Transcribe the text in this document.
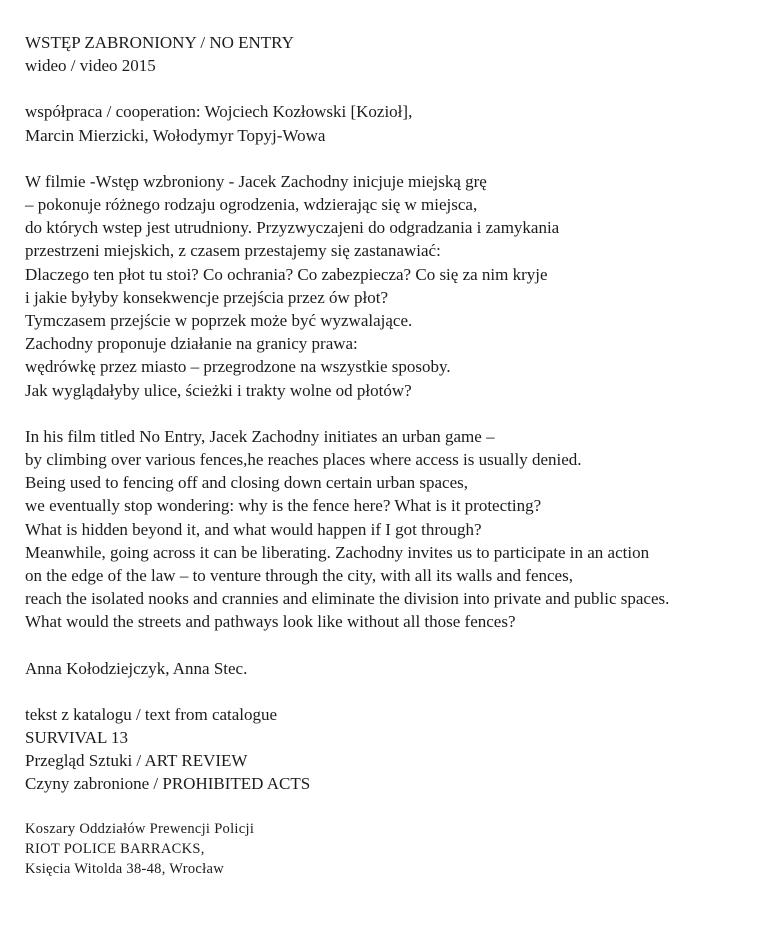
WSTĘP ZABRONIONY / NO ENTRY
wideo / video 2015
współpraca / cooperation: Wojciech Kozłowski [Kozioł],
Marcin Mierzicki, Wołodymyr Topyj-Wowa
W filmie -Wstęp wzbroniony - Jacek Zachodny inicjuje miejską grę
– pokonuje różnego rodzaju ogrodzenia, wdzierając się w miejsca,
do których wstep jest utrudniony. Przyzwyczajeni do odgradzania i zamykania
przestrzeni miejskich, z czasem przestajemy się zastanawiać:
Dlaczego ten płot tu stoi? Co ochrania? Co zabezpiecza? Co się za nim kryje
i jakie byłyby konsekwencje przejścia przez ów płot?
Tymczasem przejście w poprzek może być wyzwalające.
Zachodny proponuje działanie na granicy prawa:
wędrówkę przez miasto – przegrodzone na wszystkie sposoby.
Jak wyglądałyby ulice, ścieżki i trakty wolne od płotów?
In his film titled No Entry, Jacek Zachodny initiates an urban game –
by climbing over various fences,he reaches places where access is usually denied.
Being used to fencing off and closing down certain urban spaces,
we eventually stop wondering: why is the fence here? What is it protecting?
What is hidden beyond it, and what would happen if I got through?
Meanwhile, going across it can be liberating. Zachodny invites us to participate in an action
on the edge of the law – to venture through the city, with all its walls and fences,
reach the isolated nooks and crannies and eliminate the division into private and public spaces.
What would the streets and pathways look like without all those fences?
Anna Kołodziejczyk, Anna Stec.
tekst z katalogu / text from catalogue
SURVIVAL 13
Przegląd Sztuki / ART REVIEW
Czyny zabronione / PROHIBITED ACTS
Koszary Oddziałów Prewencji Policji
RIOT POLICE BARRACKS,
Księcia Witolda 38-48, Wrocław
